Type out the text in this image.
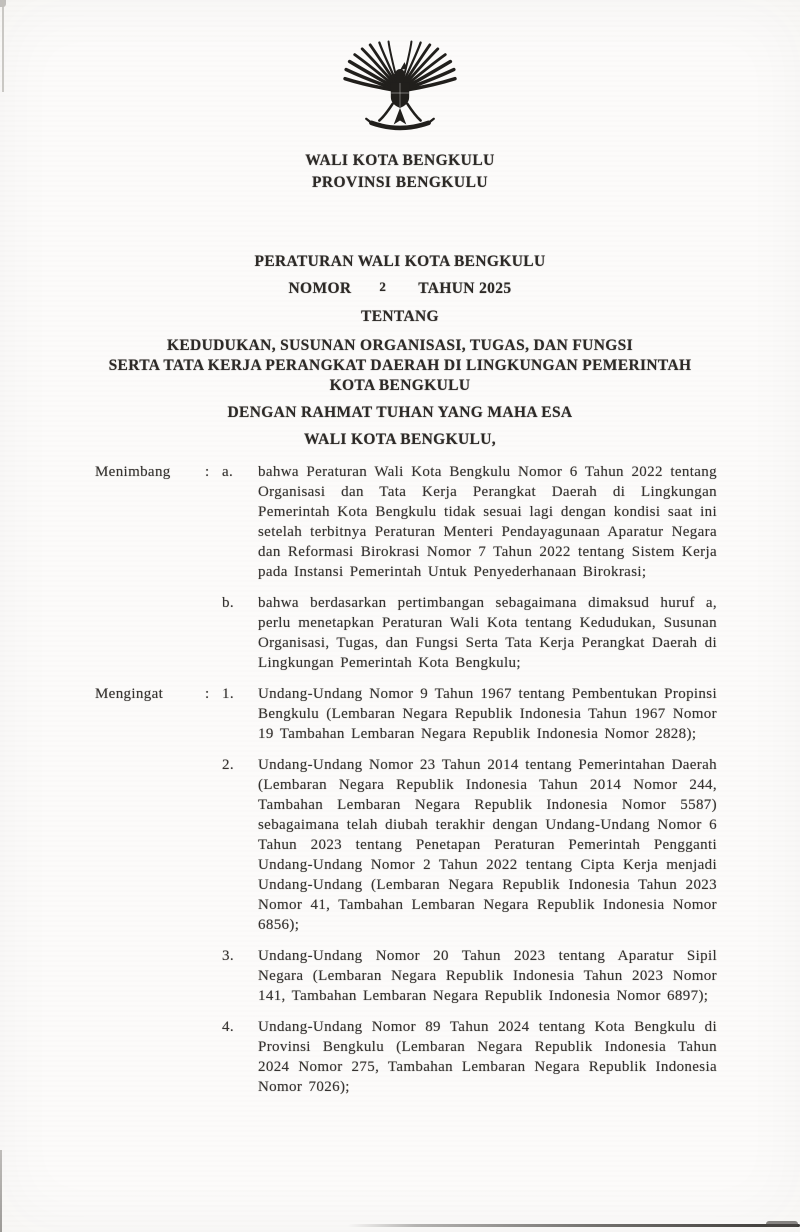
WALI KOTA BENGKULU
PROVINSI BENGKULU
PERATURAN WALI KOTA BENGKULU
NOMOR 2 TAHUN 2025
TENTANG
KEDUDUKAN, SUSUNAN ORGANISASI, TUGAS, DAN FUNGSI
SERTA TATA KERJA PERANGKAT DAERAH DI LINGKUNGAN PEMERINTAH
KOTA BENGKULU
DENGAN RAHMAT TUHAN YANG MAHA ESA
WALI KOTA BENGKULU,
Menimbang	: a.	bahwa Peraturan Wali Kota Bengkulu Nomor 6 Tahun 2022 tentang Organisasi dan Tata Kerja Perangkat Daerah di Lingkungan Pemerintah Kota Bengkulu tidak sesuai lagi dengan kondisi saat ini setelah terbitnya Peraturan Menteri Pendayagunaan Aparatur Negara dan Reformasi Birokrasi Nomor 7 Tahun 2022 tentang Sistem Kerja pada Instansi Pemerintah Untuk Penyederhanaan Birokrasi;
b.	bahwa berdasarkan pertimbangan sebagaimana dimaksud huruf a, perlu menetapkan Peraturan Wali Kota tentang Kedudukan, Susunan Organisasi, Tugas, dan Fungsi Serta Tata Kerja Perangkat Daerah di Lingkungan Pemerintah Kota Bengkulu;
Mengingat	: 1.	Undang-Undang Nomor 9 Tahun 1967 tentang Pembentukan Propinsi Bengkulu (Lembaran Negara Republik Indonesia Tahun 1967 Nomor 19 Tambahan Lembaran Negara Republik Indonesia Nomor 2828);
2.	Undang-Undang Nomor 23 Tahun 2014 tentang Pemerintahan Daerah (Lembaran Negara Republik Indonesia Tahun 2014 Nomor 244, Tambahan Lembaran Negara Republik Indonesia Nomor 5587) sebagaimana telah diubah terakhir dengan Undang-Undang Nomor 6 Tahun 2023 tentang Penetapan Peraturan Pemerintah Pengganti Undang-Undang Nomor 2 Tahun 2022 tentang Cipta Kerja menjadi Undang-Undang (Lembaran Negara Republik Indonesia Tahun 2023 Nomor 41, Tambahan Lembaran Negara Republik Indonesia Nomor 6856);
3.	Undang-Undang Nomor 20 Tahun 2023 tentang Aparatur Sipil Negara (Lembaran Negara Republik Indonesia Tahun 2023 Nomor 141, Tambahan Lembaran Negara Republik Indonesia Nomor 6897);
4.	Undang-Undang Nomor 89 Tahun 2024 tentang Kota Bengkulu di Provinsi Bengkulu (Lembaran Negara Republik Indonesia Tahun 2024 Nomor 275, Tambahan Lembaran Negara Republik Indonesia Nomor 7026);
